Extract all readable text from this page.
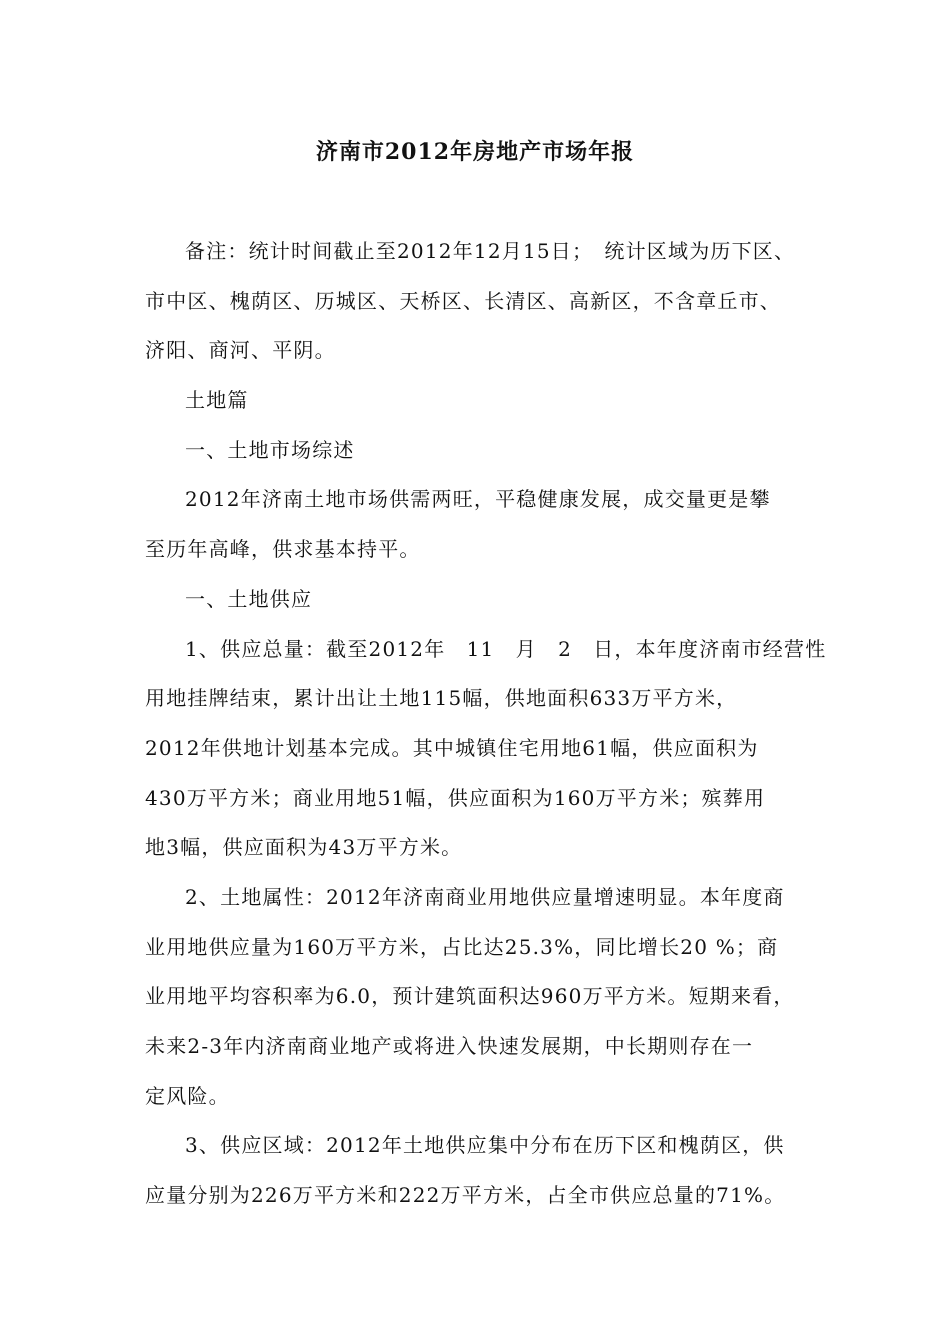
济南市2012年房地产市场年报
备注：统计时间截止至2012年12月15日；　统计区域为历下区、
市中区、槐荫区、历城区、天桥区、长清区、高新区，不含章丘市、
济阳、商河、平阴。
土地篇
一、土地市场综述
2012年济南土地市场供需两旺，平稳健康发展，成交量更是攀
至历年高峰，供求基本持平。
一、土地供应
1、供应总量：截至2012年　11　月　2　日，本年度济南市经营性
用地挂牌结束，累计出让土地115幅，供地面积633万平方米，
2012年供地计划基本完成。其中城镇住宅用地61幅，供应面积为
430万平方米；商业用地51幅，供应面积为160万平方米；殡葬用
地3幅，供应面积为43万平方米。
2、土地属性：2012年济南商业用地供应量增速明显。本年度商
业用地供应量为160万平方米，占比达25.3%，同比增长20 %；商
业用地平均容积率为6.0，预计建筑面积达960万平方米。短期来看，
未来2-3年内济南商业地产或将进入快速发展期，中长期则存在一
定风险。
3、供应区域：2012年土地供应集中分布在历下区和槐荫区，供
应量分别为226万平方米和222万平方米，占全市供应总量的71%。
